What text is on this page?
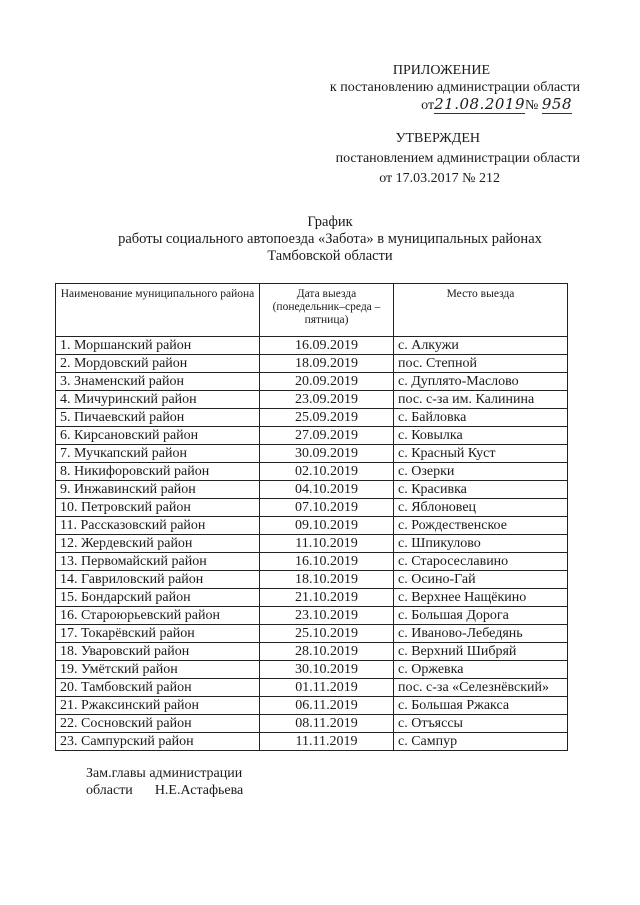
ПРИЛОЖЕНИЕ
к постановлению администрации области
от21.08.2019№ 958
УТВЕРЖДЕН
постановлением администрации области
от 17.03.2017 № 212
График
работы социального автопоезда «Забота» в муниципальных районах
Тамбовской области
Наименование муниципального района	Дата выезда (понедельник–среда – пятница)	Место выезда
1. Моршанский район	16.09.2019	с. Алкужи
2. Мордовский район	18.09.2019	пос. Степной
3. Знаменский район	20.09.2019	с. Дуплято-Маслово
4. Мичуринский район	23.09.2019	пос. с-за им. Калинина
5. Пичаевский район	25.09.2019	с. Байловка
6. Кирсановский район	27.09.2019	с. Ковылка
7. Мучкапский район	30.09.2019	с. Красный Куст
8. Никифоровский район	02.10.2019	с. Озерки
9. Инжавинский район	04.10.2019	с. Красивка
10. Петровский район	07.10.2019	с. Яблоновец
11. Рассказовский район	09.10.2019	с. Рождественское
12. Жердевский район	11.10.2019	с. Шпикулово
13. Первомайский район	16.10.2019	с. Старосеславино
14. Гавриловский район	18.10.2019	с. Осино-Гай
15. Бондарский район	21.10.2019	с. Верхнее Нащёкино
16. Староюрьевский район	23.10.2019	с. Большая Дорога
17. Токарёвский район	25.10.2019	с. Иваново-Лебедянь
18. Уваровский район	28.10.2019	с. Верхний Шибряй
19. Умётский район	30.10.2019	с. Оржевка
20. Тамбовский район	01.11.2019	пос. с-за «Селезнёвский»
21. Ржаксинский район	06.11.2019	с. Большая Ржакса
22. Сосновский район	08.11.2019	с. Отъяссы
23. Сампурский район	11.11.2019	с. Сампур
Зам.главы администрации
области Н.Е.Астафьева
